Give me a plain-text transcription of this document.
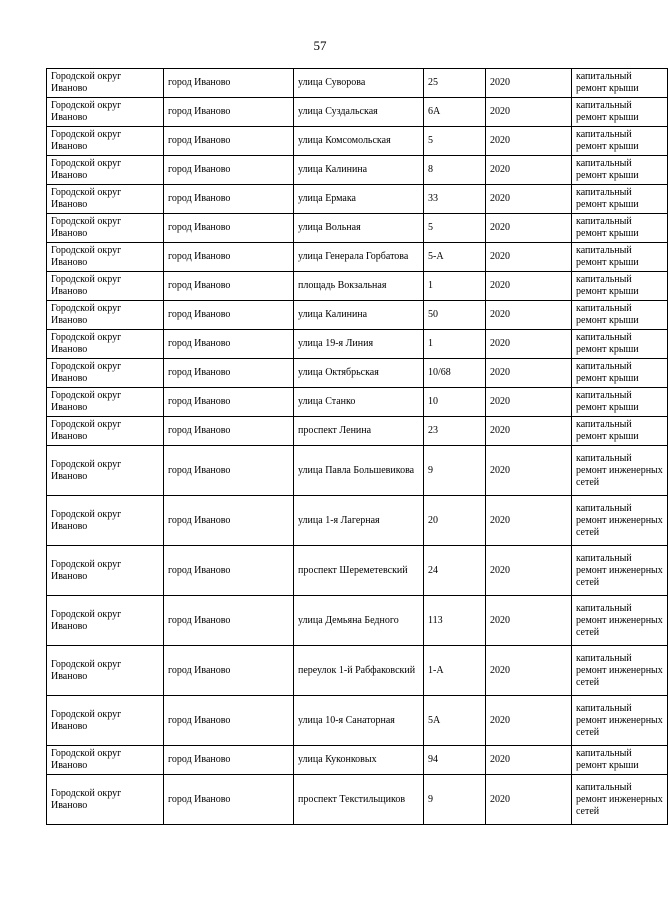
57
Городской округ Иваново	город Иваново	улица Суворова	25	2020	капитальный ремонт крыши
Городской округ Иваново	город Иваново	улица Суздальская	6А	2020	капитальный ремонт крыши
Городской округ Иваново	город Иваново	улица Комсомольская	5	2020	капитальный ремонт крыши
Городской округ Иваново	город Иваново	улица Калинина	8	2020	капитальный ремонт крыши
Городской округ Иваново	город Иваново	улица Ермака	33	2020	капитальный ремонт крыши
Городской округ Иваново	город Иваново	улица Вольная	5	2020	капитальный ремонт крыши
Городской округ Иваново	город Иваново	улица Генерала Горбатова	5-А	2020	капитальный ремонт крыши
Городской округ Иваново	город Иваново	площадь Вокзальная	1	2020	капитальный ремонт крыши
Городской округ Иваново	город Иваново	улица Калинина	50	2020	капитальный ремонт крыши
Городской округ Иваново	город Иваново	улица 19-я Линия	1	2020	капитальный ремонт крыши
Городской округ Иваново	город Иваново	улица Октябрьская	10/68	2020	капитальный ремонт крыши
Городской округ Иваново	город Иваново	улица Станко	10	2020	капитальный ремонт крыши
Городской округ Иваново	город Иваново	проспект Ленина	23	2020	капитальный ремонт крыши
Городской округ Иваново	город Иваново	улица Павла Большевикова	9	2020	капитальный ремонт инженерных сетей
Городской округ Иваново	город Иваново	улица 1-я Лагерная	20	2020	капитальный ремонт инженерных сетей
Городской округ Иваново	город Иваново	проспект Шереметевский	24	2020	капитальный ремонт инженерных сетей
Городской округ Иваново	город Иваново	улица Демьяна Бедного	113	2020	капитальный ремонт инженерных сетей
Городской округ Иваново	город Иваново	переулок 1-й Рабфаковский	1-А	2020	капитальный ремонт инженерных сетей
Городской округ Иваново	город Иваново	улица 10-я Санаторная	5А	2020	капитальный ремонт инженерных сетей
Городской округ Иваново	город Иваново	улица Куконковых	94	2020	капитальный ремонт крыши
Городской округ Иваново	город Иваново	проспект Текстильщиков	9	2020	капитальный ремонт инженерных сетей
